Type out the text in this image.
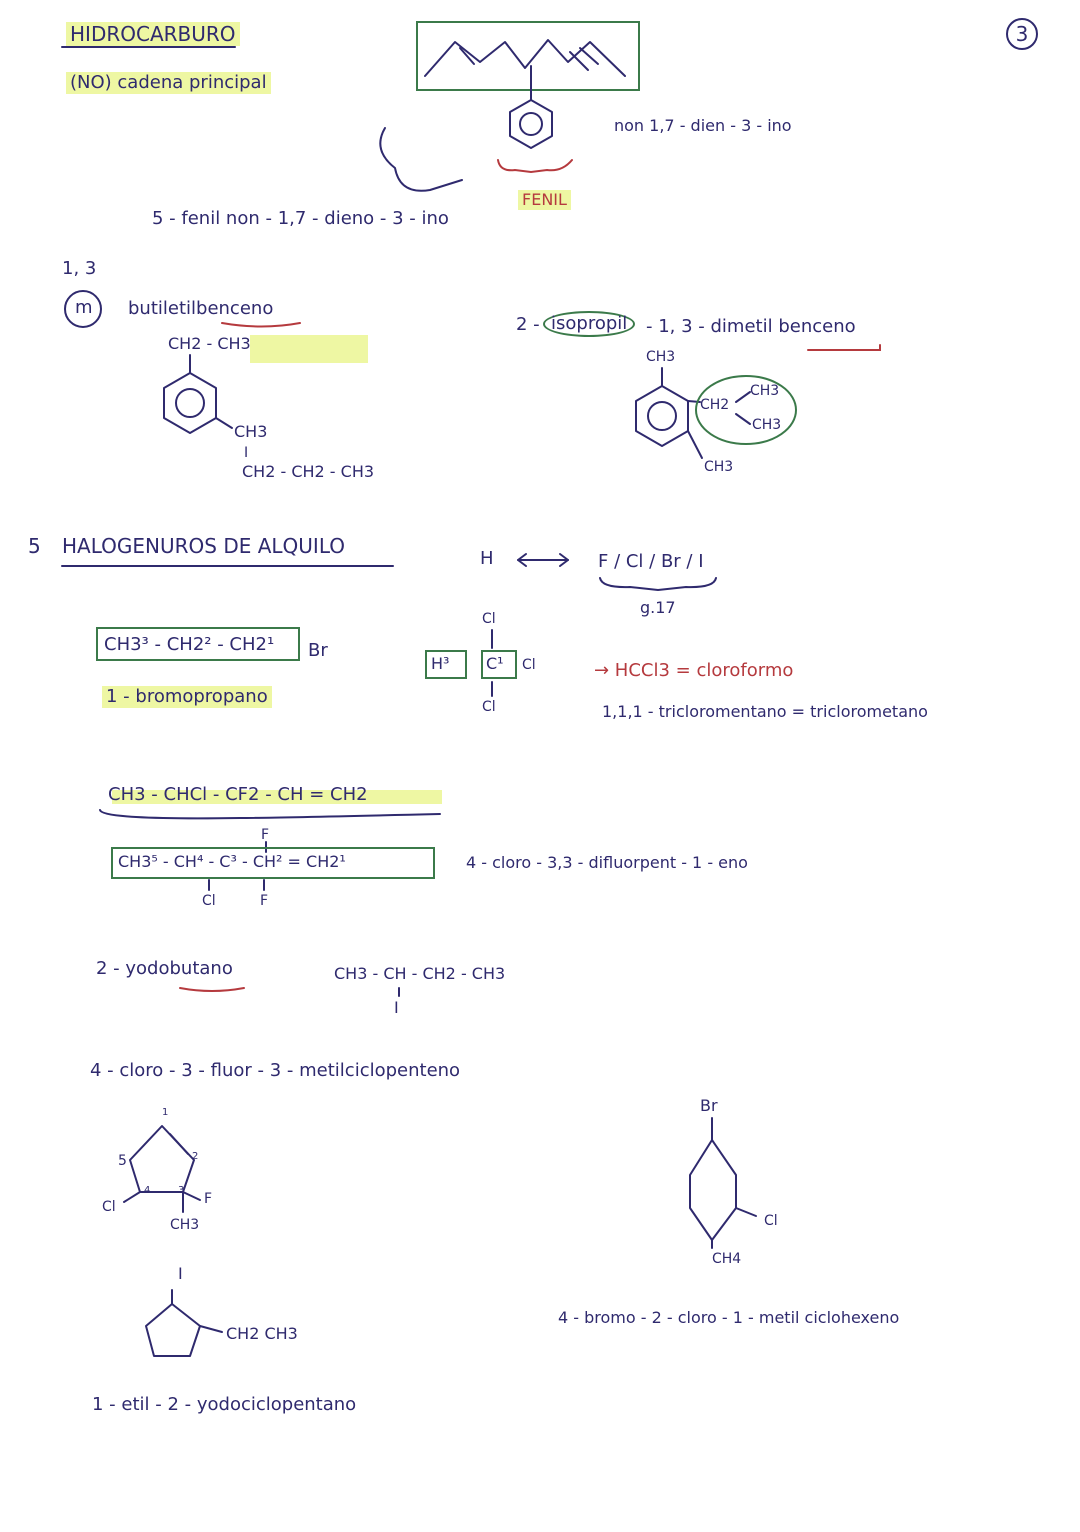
3
HIDROCARBURO
(NO) cadena principal
non 1,7 - dien - 3 - ino
FENIL
5 - fenil non - 1,7 - dieno - 3 - ino
1, 3
m butiletilbenceno
CH2 - CH3
CH3
I
CH2 - CH2 - CH3
2 - isopropil	- 1, 3 - dimetil benceno
CH3
CH2
CH3
CH3
CH3
5 HALOGENUROS DE ALQUILO
H	F / Cl / Br / I
g.17
CH3³ - CH2² - CH2¹ Br
1 - bromopropano
Cl
H³ C¹ Cl
Cl
→ HCCl3 = cloroformo
1,1,1 - tricloromentano = triclorometano
CH3 - CHCl - CF2 - CH = CH2
F
CH3⁵ - CH⁴ - C³ - CH² = CH2¹
Cl	F
4 - cloro - 3,3 - difluorpent - 1 - eno
2 - yodobutano	CH3 - CH - CH2 - CH3
I
4 - cloro - 3 - fluor - 3 - metilciclopenteno
1
2
3
4
5
Cl	F
CH3
Br
Cl
CH4
4 - bromo - 2 - cloro - 1 - metil ciclohexeno
I
CH2 CH3
1 - etil - 2 - yodociclopentano
